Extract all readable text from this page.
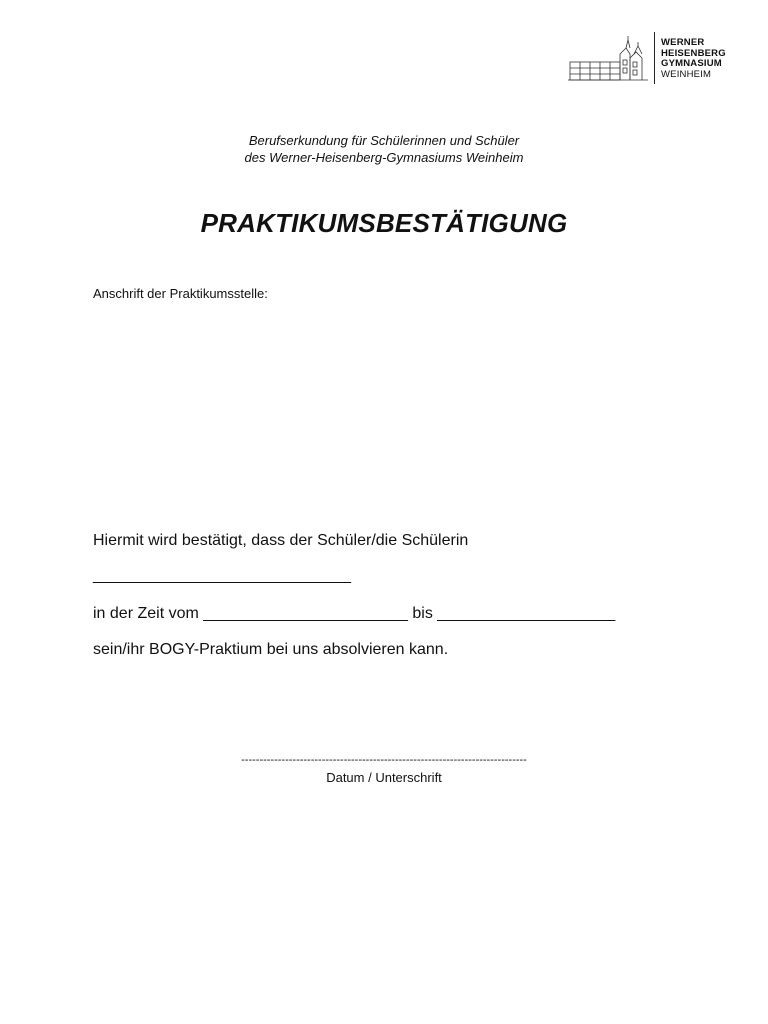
WERNER
HEISENBERG
GYMNASIUM
WEINHEIM
Berufserkundung für Schülerinnen und Schüler
des Werner-Heisenberg-Gymnasiums Weinheim
PRAKTIKUMSBESTÄTIGUNG
Anschrift der Praktikumsstelle:
Hiermit wird bestätigt, dass der Schüler/die Schülerin
_____________________________
in der Zeit vom _______________________ bis ____________________
sein/ihr BOGY-Praktium bei uns absolvieren kann.
------------------------------------------------------------------------------
Datum / Unterschrift
